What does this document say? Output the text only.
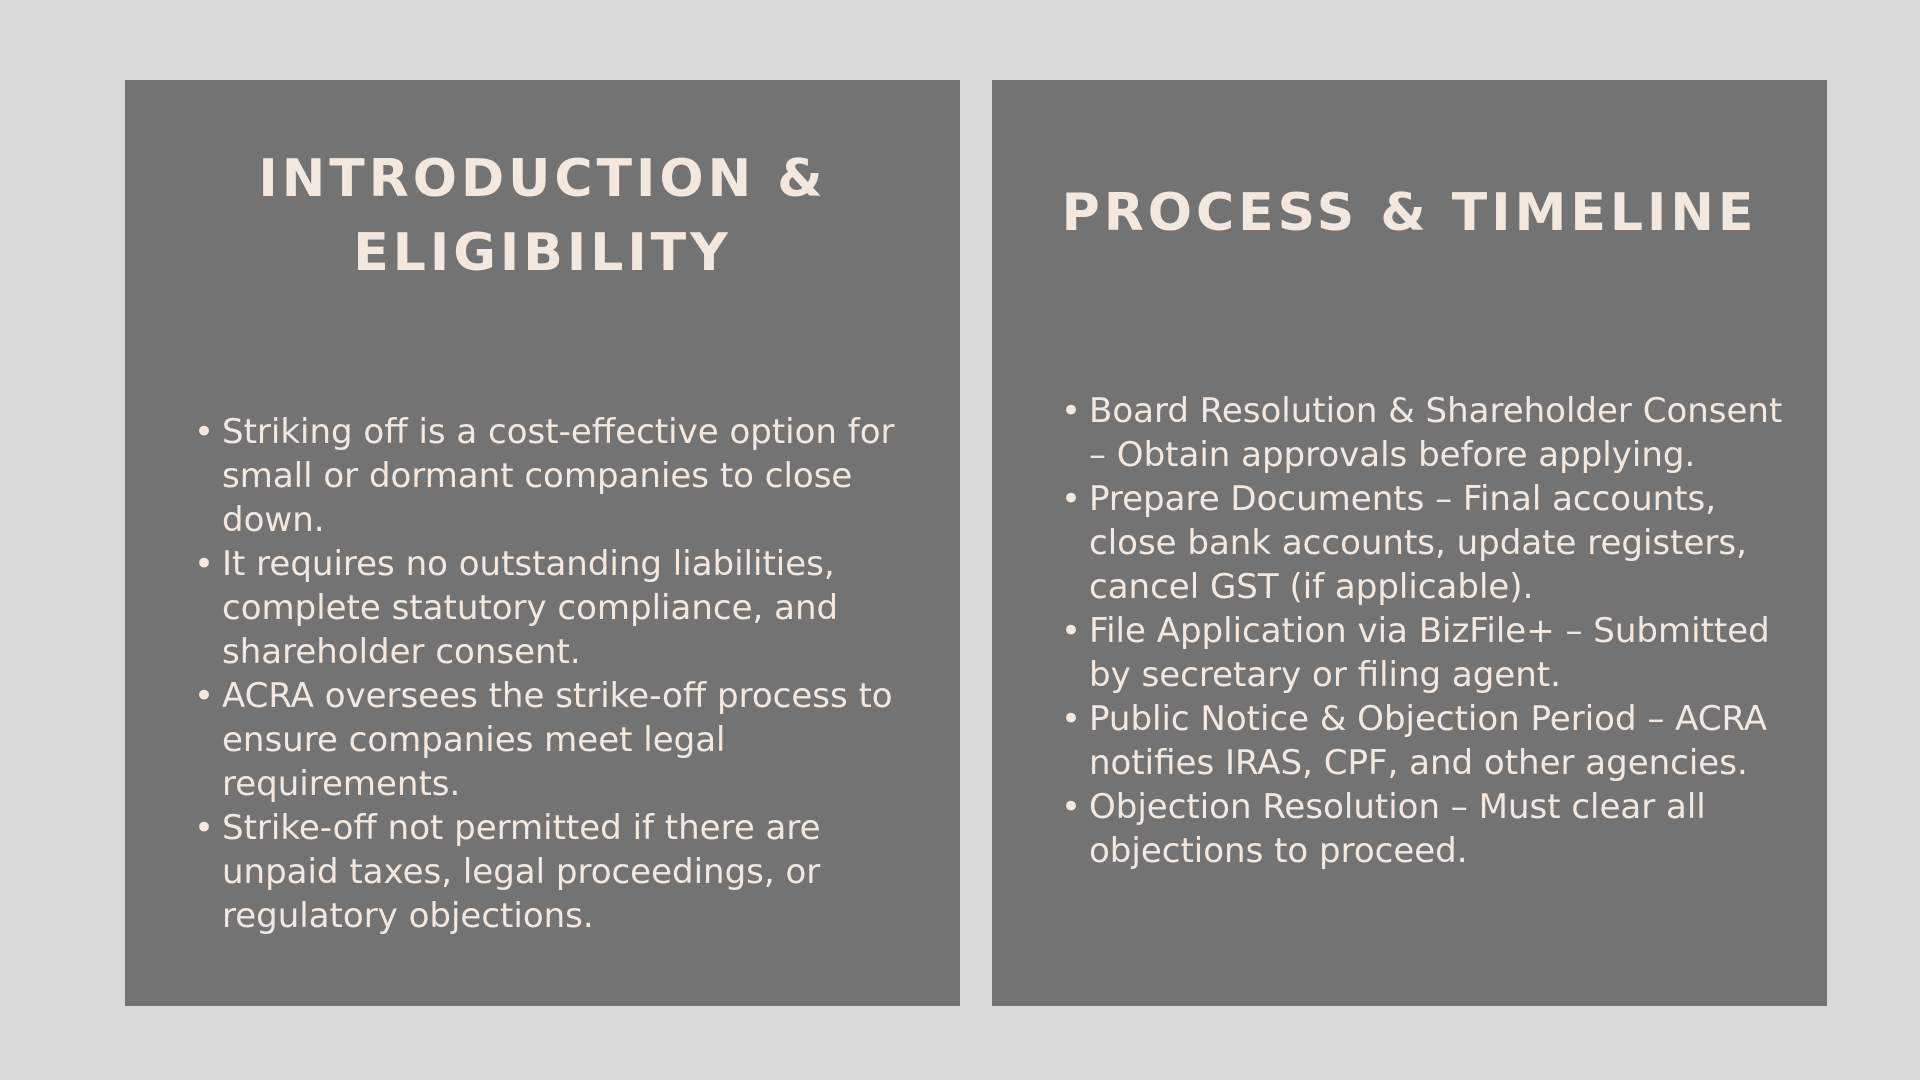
INTRODUCTION & ELIGIBILITY
• Striking off is a cost-effective option for small or dormant companies to close down.
• It requires no outstanding liabilities, complete statutory compliance, and shareholder consent.
• ACRA oversees the strike-off process to ensure companies meet legal requirements.
• Strike-off not permitted if there are unpaid taxes, legal proceedings, or regulatory objections.
PROCESS & TIMELINE
• Board Resolution & Shareholder Consent – Obtain approvals before applying.
• Prepare Documents – Final accounts, close bank accounts, update registers, cancel GST (if applicable).
• File Application via BizFile+ – Submitted by secretary or filing agent.
• Public Notice & Objection Period – ACRA notifies IRAS, CPF, and other agencies.
• Objection Resolution – Must clear all objections to proceed.
